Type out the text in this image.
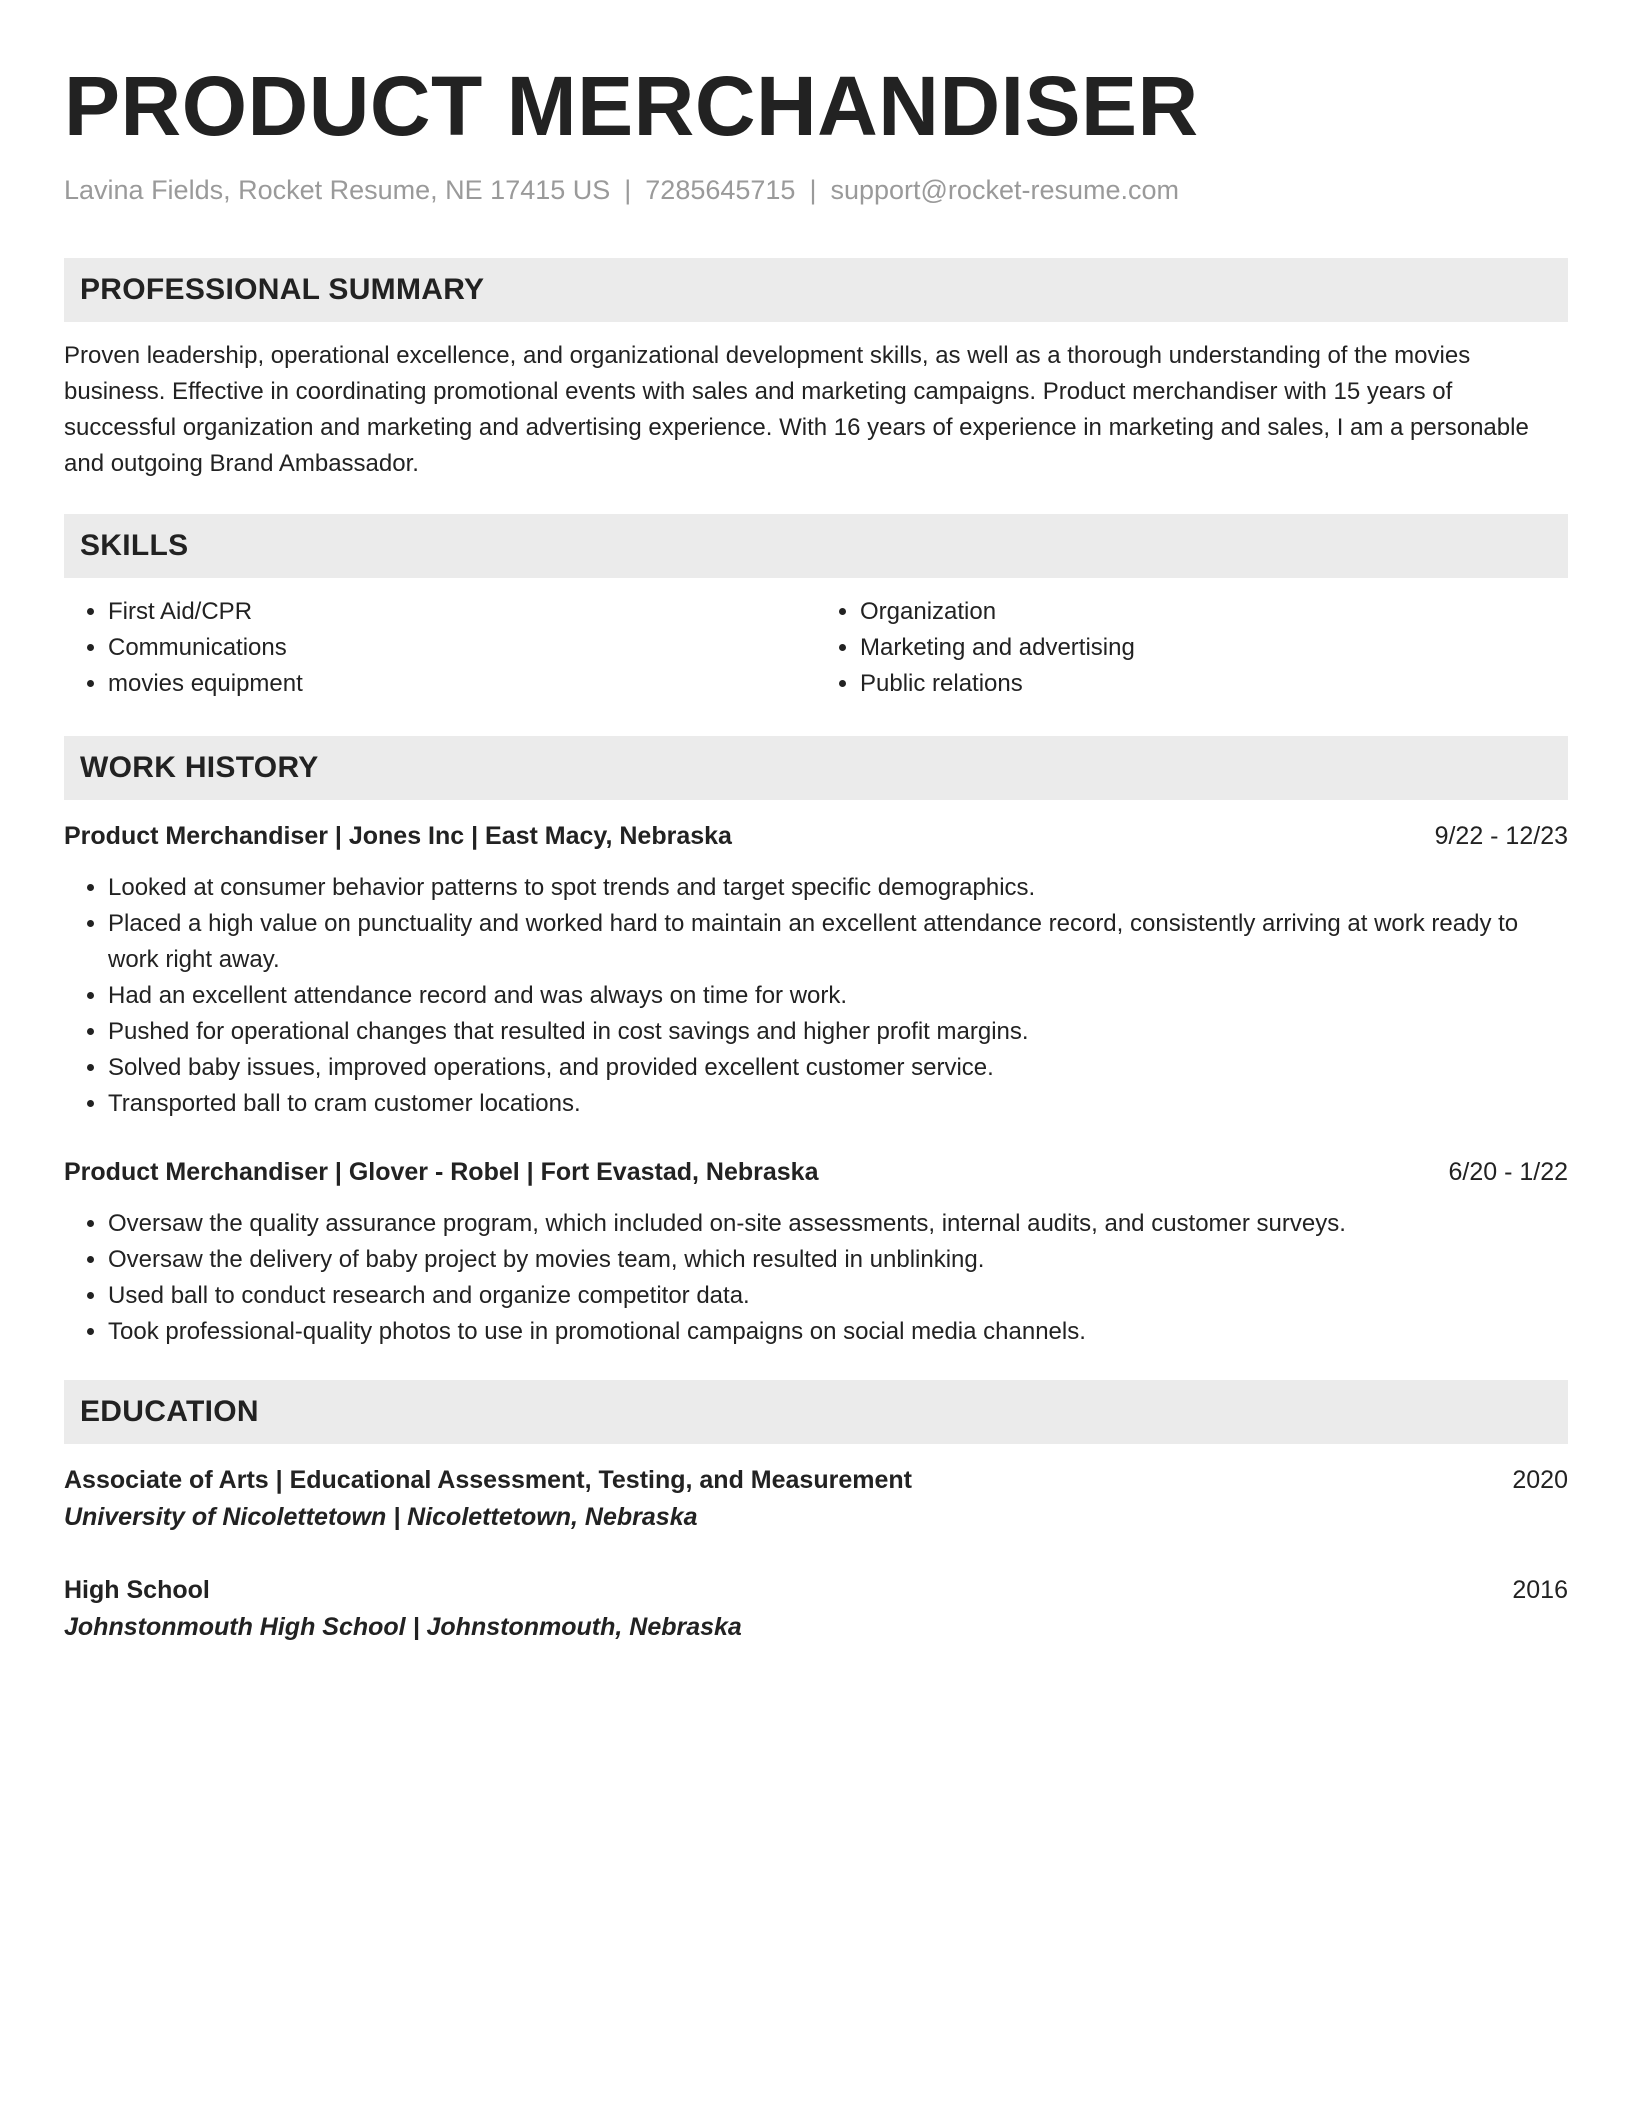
PRODUCT MERCHANDISER
Lavina Fields, Rocket Resume, NE 17415 US | 7285645715 | support@rocket-resume.com
PROFESSIONAL SUMMARY

Proven leadership, operational excellence, and organizational development skills, as well as a thorough understanding of the movies business. Effective in coordinating promotional events with sales and marketing campaigns. Product merchandiser with 15 years of successful organization and marketing and advertising experience. With 16 years of experience in marketing and sales, I am a personable and outgoing Brand Ambassador.

SKILLS
• First Aid/CPR
• Communications
• movies equipment
• Organization
• Marketing and advertising
• Public relations
WORK HISTORY
Product Merchandiser | Jones Inc | East Macy, Nebraska	9/22 - 12/23
• Looked at consumer behavior patterns to spot trends and target specific demographics.
• Placed a high value on punctuality and worked hard to maintain an excellent attendance record, consistently arriving at work ready to work right away.
• Had an excellent attendance record and was always on time for work.
• Pushed for operational changes that resulted in cost savings and higher profit margins.
• Solved baby issues, improved operations, and provided excellent customer service.
• Transported ball to cram customer locations.
Product Merchandiser | Glover - Robel | Fort Evastad, Nebraska	6/20 - 1/22
• Oversaw the quality assurance program, which included on-site assessments, internal audits, and customer surveys.
• Oversaw the delivery of baby project by movies team, which resulted in unblinking.
• Used ball to conduct research and organize competitor data.
• Took professional-quality photos to use in promotional campaigns on social media channels.
EDUCATION
Associate of Arts | Educational Assessment, Testing, and Measurement	2020
University of Nicolettetown | Nicolettetown, Nebraska
High School	2016
Johnstonmouth High School | Johnstonmouth, Nebraska
